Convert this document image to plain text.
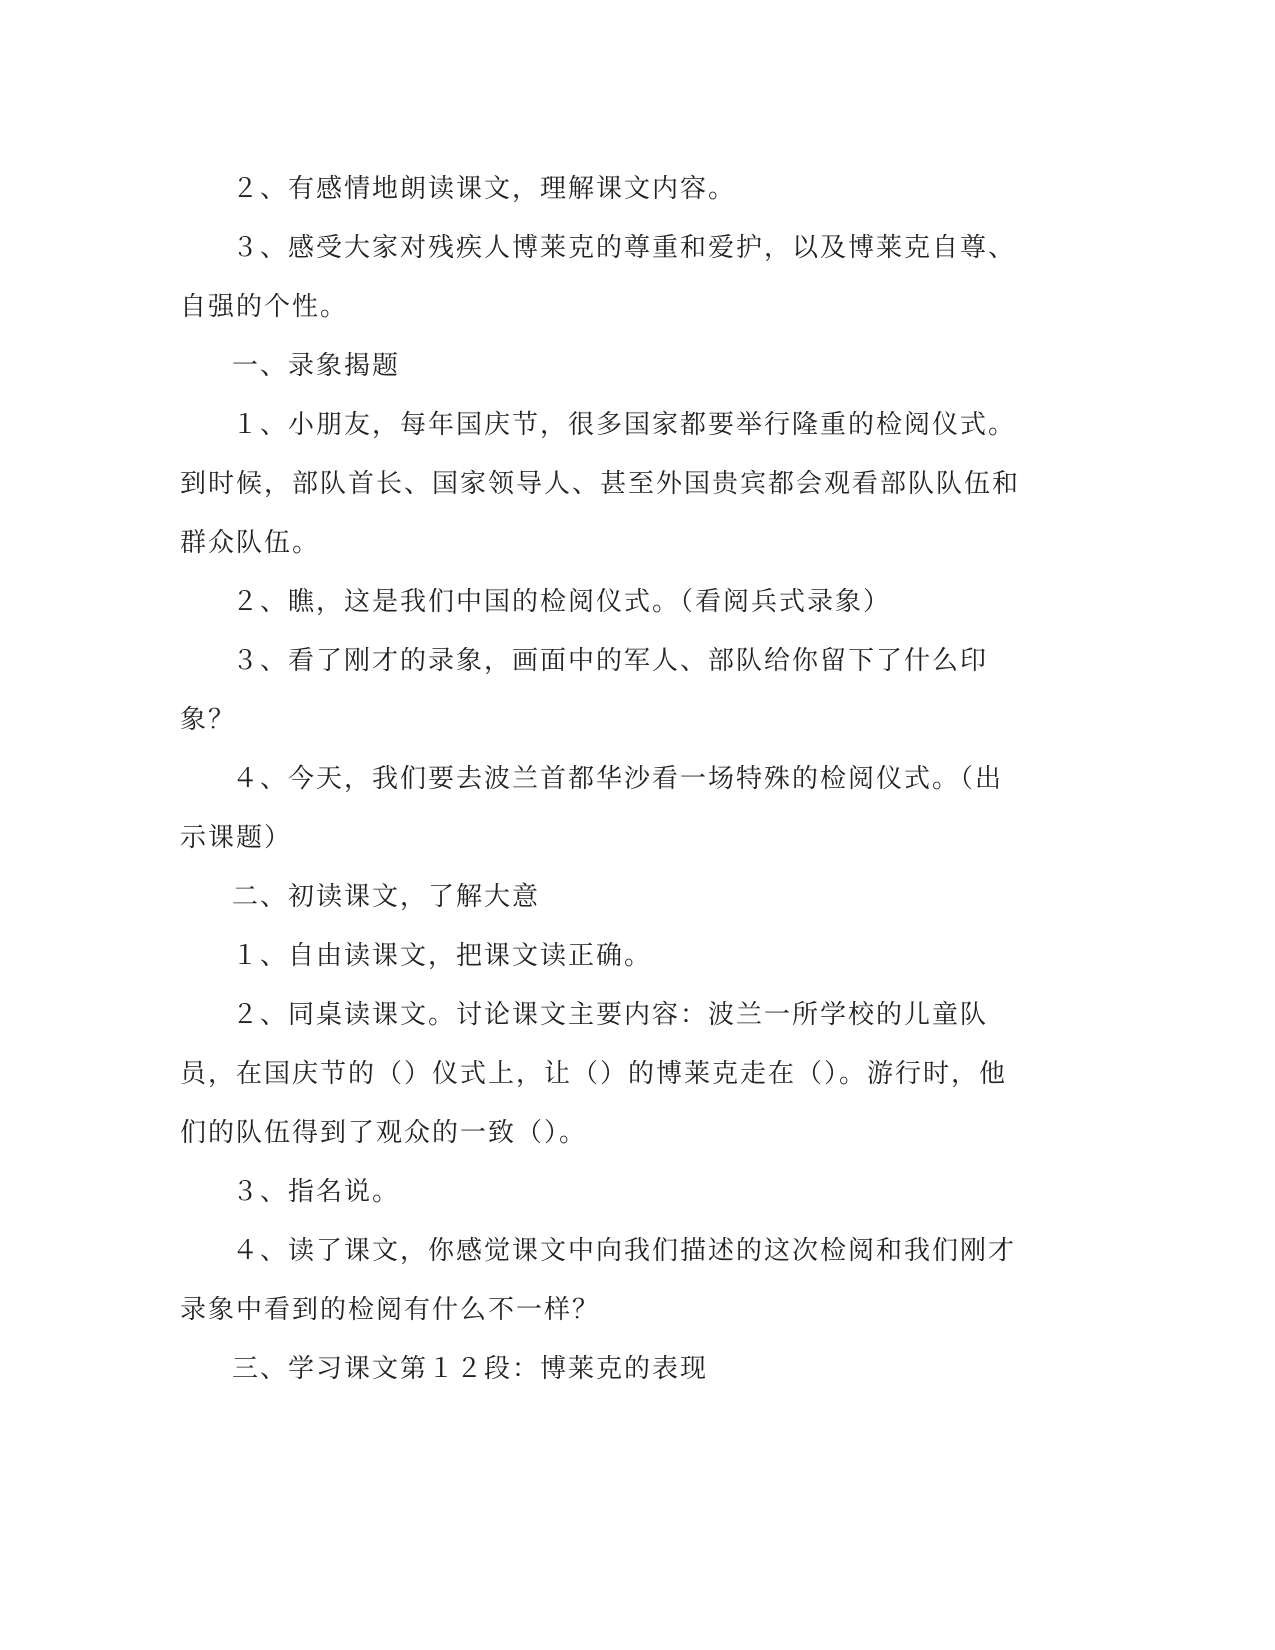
２、有感情地朗读课文，理解课文内容。

３、感受大家对残疾人博莱克的尊重和爱护，以及博莱克自尊、自强的个性。

一、录象揭题

１、小朋友，每年国庆节，很多国家都要举行隆重的检阅仪式。到时候，部队首长、国家领导人、甚至外国贵宾都会观看部队队伍和群众队伍。

２、瞧，这是我们中国的检阅仪式。（看阅兵式录象）

３、看了刚才的录象，画面中的军人、部队给你留下了什么印象？

４、今天，我们要去波兰首都华沙看一场特殊的检阅仪式。（出示课题）

二、初读课文，了解大意

１、自由读课文，把课文读正确。

２、同桌读课文。讨论课文主要内容：波兰一所学校的儿童队员，在国庆节的（）仪式上，让（）的博莱克走在（）。游行时，他们的队伍得到了观众的一致（）。

３、指名说。

４、读了课文，你感觉课文中向我们描述的这次检阅和我们刚才录象中看到的检阅有什么不一样？

三、学习课文第１２段：博莱克的表现
